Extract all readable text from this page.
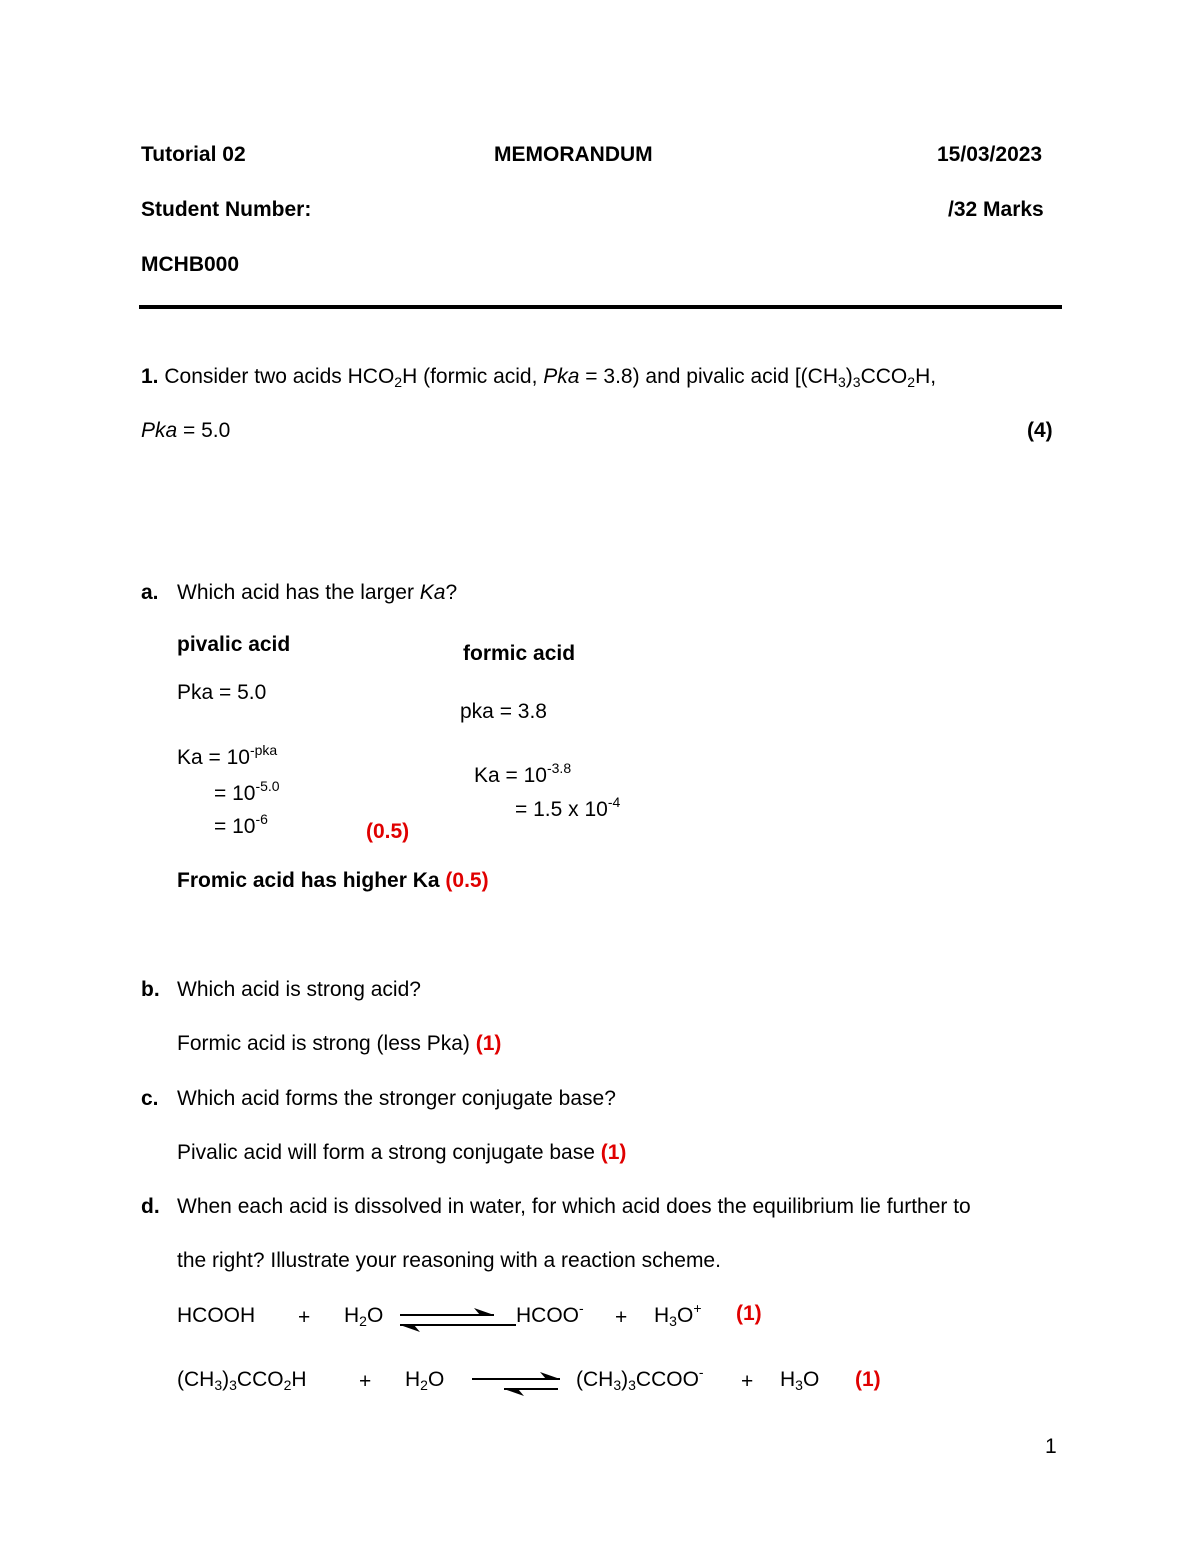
Tutorial 02	MEMORANDUM	15/03/2023
Student Number:	/32 Marks
MCHB000
1. Consider two acids $HCO_2H$ (formic acid, Pka = 3.8) and pivalic acid [$(CH_3)_3CCO_2H$,
Pka = 5.0	(4)
a. Which acid has the larger Ka?
pivalic acid
Pka = 5.0
$Ka = 10^{-pka}$
= $10^{-5.0}$
= $10^{-6}$
(0.5)
formic acid
pka = 3.8
$Ka = 10^{-3.8}$
= 1.5 x $10^{-4}$
Fromic acid has higher Ka (0.5)
b. Which acid is strong acid?
Formic acid is strong (less Pka) (1)
c. Which acid forms the stronger conjugate base?
Pivalic acid will form a strong conjugate base (1)
d. When each acid is dissolved in water, for which acid does the equilibrium lie further to
the right? Illustrate your reasoning with a reaction scheme.
HCOOH + $H_2O$	HCOO- + $H_3O^+$ (1)
$(CH_3)_3CCO_2H + H_2O$	$(CH_3)_3CCOO^- + H_3O$ (1)
1
